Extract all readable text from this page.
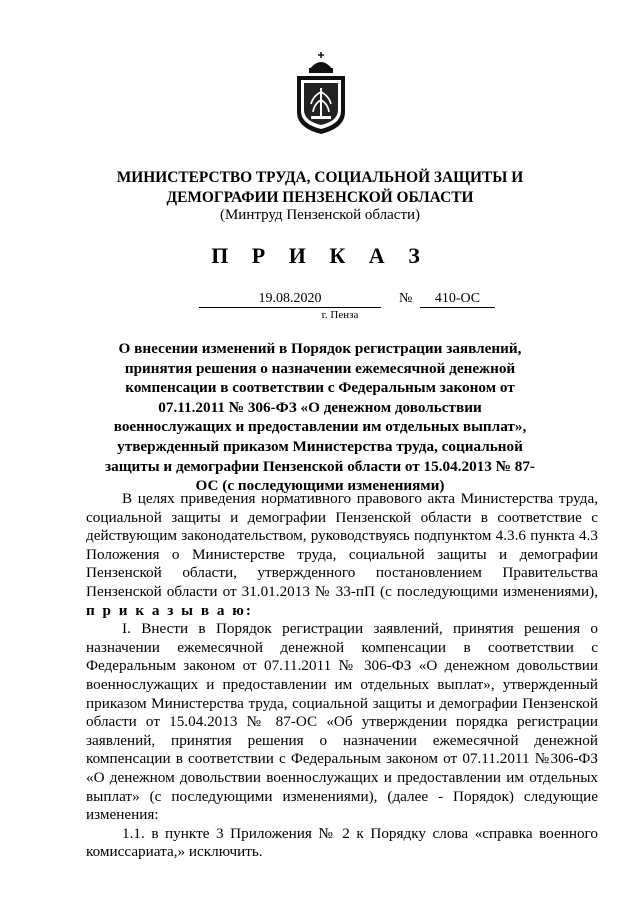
МИНИСТЕРСТВО ТРУДА, СОЦИАЛЬНОЙ ЗАЩИТЫ И
ДЕМОГРАФИИ ПЕНЗЕНСКОЙ ОБЛАСТИ
(Минтруд Пензенской области)
П Р И К А З
19.08.2020	№	410-ОС
г. Пенза
О внесении изменений в Порядок регистрации заявлений, принятия решения о назначении ежемесячной денежной компенсации в соответствии с Федеральным законом от 07.11.2011 № 306-ФЗ «О денежном довольствии военнослужащих и предоставлении им отдельных выплат», утвержденный приказом Министерства труда, социальной защиты и демографии Пензенской области от 15.04.2013 № 87-ОС (с последующими изменениями)

В целях приведения нормативного правового акта Министерства труда, социальной защиты и демографии Пензенской области в соответствие с действующим законодательством, руководствуясь подпунктом 4.3.6 пункта 4.3 Положения о Министерстве труда, социальной защиты и демографии Пензенской области, утвержденного постановлением Правительства Пензенской области от 31.01.2013 № 33-пП (с последующими изменениями), п р и к а з ы в а ю:

I. Внести в Порядок регистрации заявлений, принятия решения о назначении ежемесячной денежной компенсации в соответствии с Федеральным законом от 07.11.2011 № 306-ФЗ «О денежном довольствии военнослужащих и предоставлении им отдельных выплат», утвержденный приказом Министерства труда, социальной защиты и демографии Пензенской области от 15.04.2013 № 87-ОС «Об утверждении порядка регистрации заявлений, принятия решения о назначении ежемесячной денежной компенсации в соответствии с Федеральным законом от 07.11.2011 №306-ФЗ «О денежном довольствии военнослужащих и предоставлении им отдельных выплат» (с последующими изменениями), (далее - Порядок) следующие изменения:

1.1. в пункте 3 Приложения № 2 к Порядку слова «справка военного комиссариата,» исключить.
